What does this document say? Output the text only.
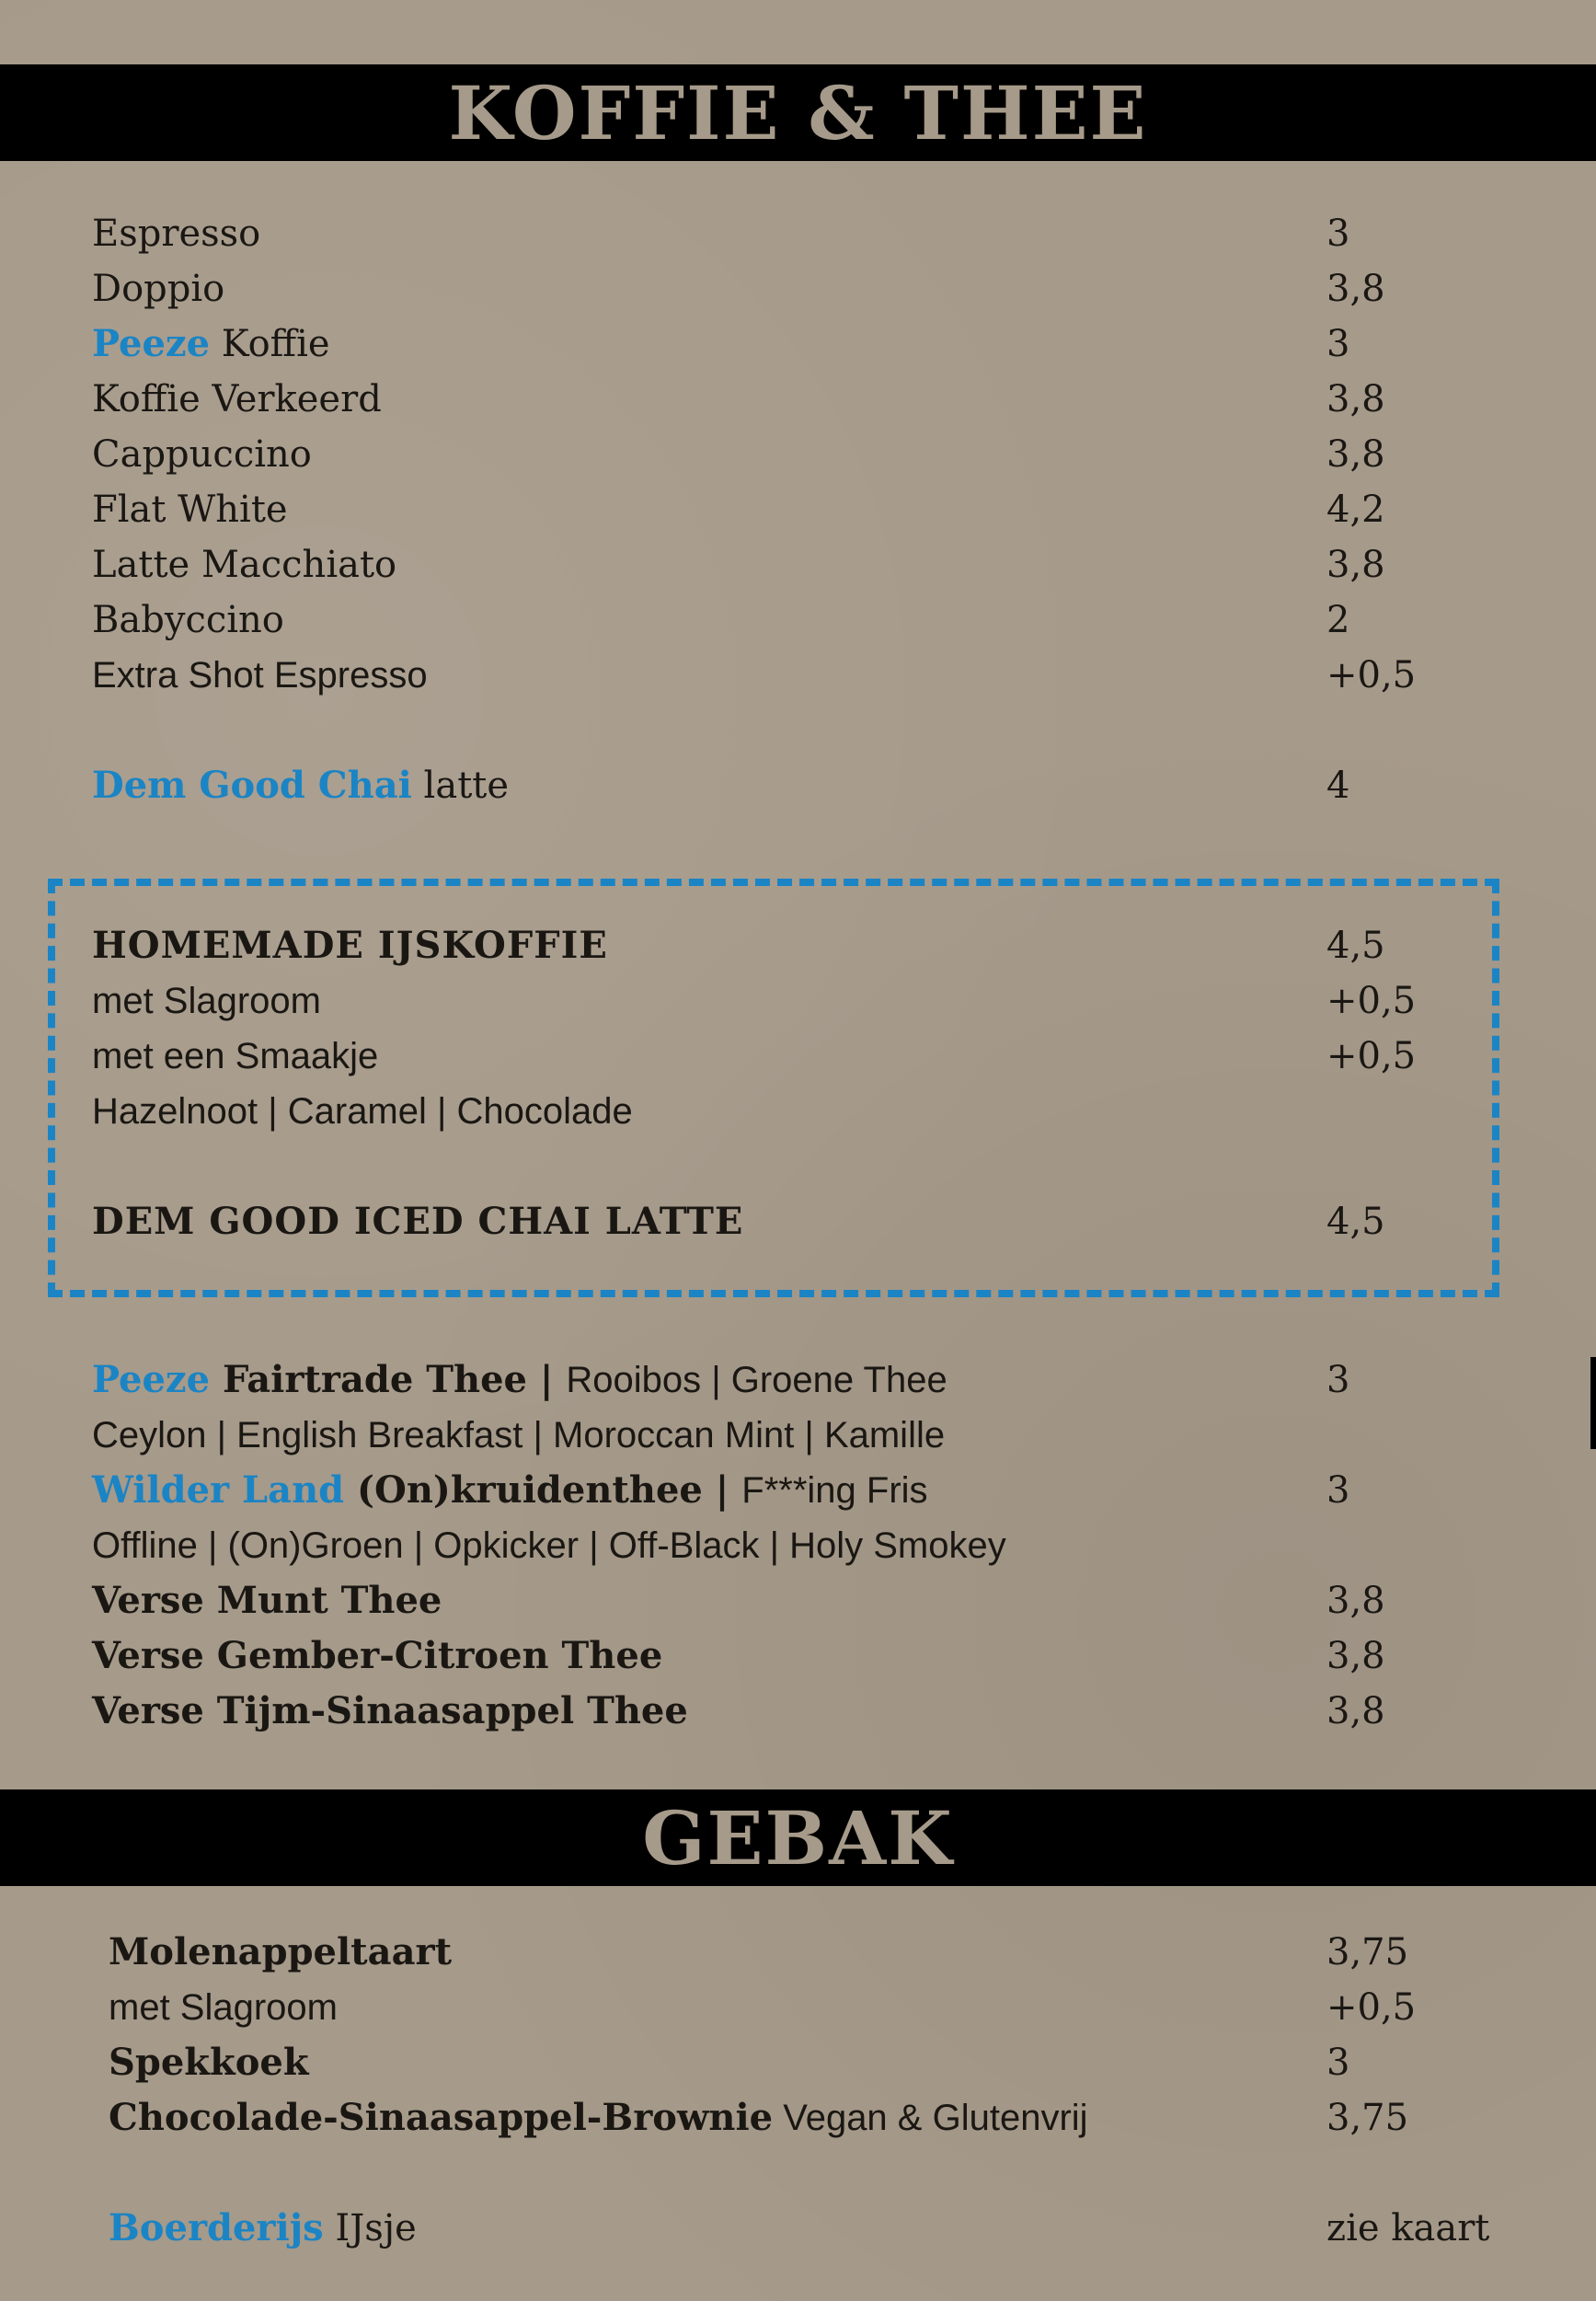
KOFFIE & THEE
Espresso	3
Doppio	3,8
Peeze Koffie	3
Koffie Verkeerd	3,8
Cappuccino	3,8
Flat White	4,2
Latte Macchiato	3,8
Babyccino	2
Extra Shot Espresso	+0,5
Dem Good Chai latte	4
HOMEMADE IJSKOFFIE	4,5
met Slagroom	+0,5
met een Smaakje	+0,5
Hazelnoot | Caramel | Chocolade
DEM GOOD ICED CHAI LATTE	4,5
Peeze Fairtrade Thee | Rooibos | Groene Thee	3
Ceylon | English Breakfast | Moroccan Mint | Kamille
Wilder Land (On)kruidenthee | F***ing Fris	3
Offline | (On)Groen | Opkicker | Off-Black | Holy Smokey
Verse Munt Thee	3,8
Verse Gember-Citroen Thee	3,8
Verse Tijm-Sinaasappel Thee	3,8
GEBAK
Molenappeltaart	3,75
met Slagroom	+0,5
Spekkoek	3
Chocolade-Sinaasappel-Brownie Vegan & Glutenvrij	3,75
Boerderijs IJsje	zie kaart
